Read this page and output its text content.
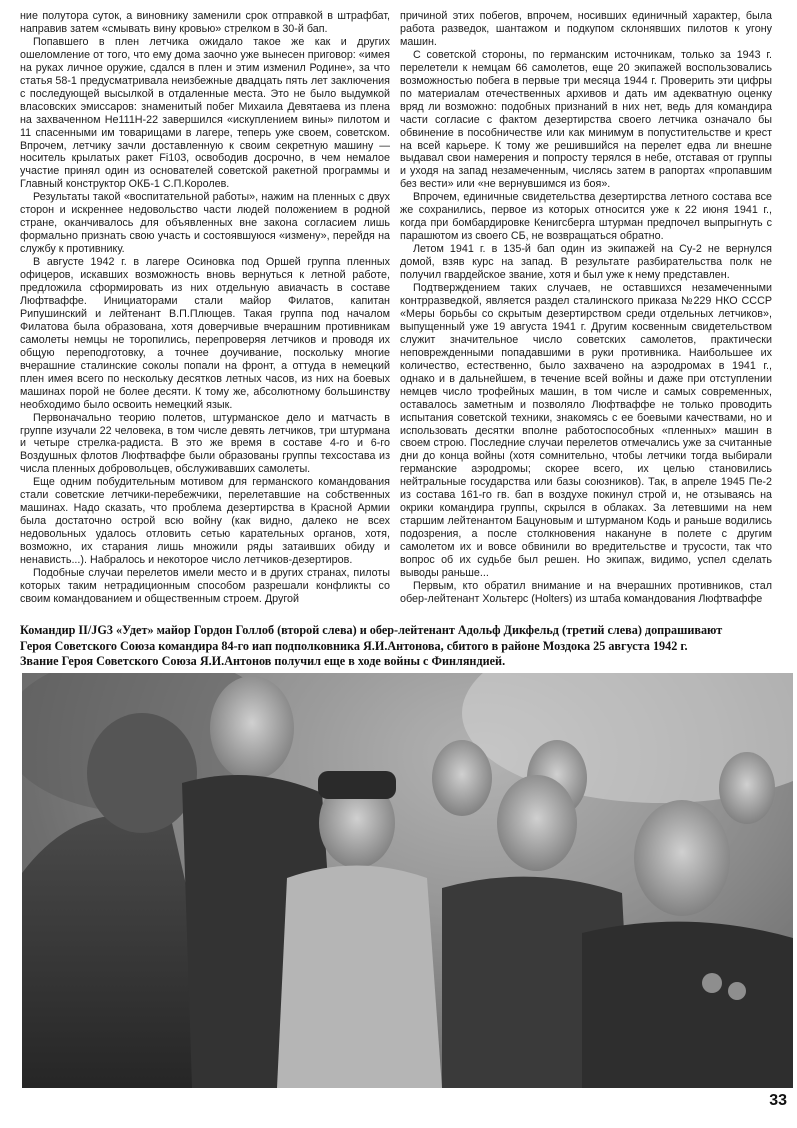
ние полутора суток, а виновнику заменили срок отправкой в штрафбат, направив затем «смывать вину кровью» стрелком в 30-й бап.

Попавшего в плен летчика ожидало такое же как и других ошеломление от того, что ему дома заочно уже вынесен приговор: «имея на руках личное оружие, сдался в плен и этим изменил Родине», за что статья 58-1 предусматривала неизбежные двадцать пять лет заключения с последующей высылкой в отдаленные места. Это не было выдумкой власовских эмиссаров: знаменитый побег Михаила Девятаева из плена на захваченном He111H-22 завершился «искуплением вины» пилотом и 11 спасенными им товарищами в лагере, теперь уже своем, советском. Впрочем, летчику зачли доставленную к своим секретную машину — носитель крылатых ракет Fi103, освободив досрочно, в чем немалое участие принял один из основателей советской ракетной программы и Главный конструктор ОКБ-1 С.П.Королев.

Результаты такой «воспитательной работы», нажим на пленных с двух сторон и искреннее недовольство части людей положением в родной стране, оканчивалось для объявленных вне закона согласием лишь формально признать свою участь и состоявшуюся «измену», перейдя на службу к противнику.

В августе 1942 г. в лагере Осиновка под Оршей группа пленных офицеров, искавших возможность вновь вернуться к летной работе, предложила сформировать из них отдельную авиачасть в составе Люфтваффе. Инициаторами стали майор Филатов, капитан Рипушинский и лейтенант В.П.Плющев. Такая группа под началом Филатова была образована, хотя доверчивые вчерашним противникам самолеты немцы не торопились, перепроверяя летчиков и проводя их общую переподготовку, а точнее доучивание, поскольку многие вчерашние сталинские соколы попали на фронт, а оттуда в немецкий плен имея всего по нескольку десятков летных часов, из них на боевых машинах порой не более десяти. К тому же, абсолютному большинству необходимо было освоить немецкий язык.

Первоначально теорию полетов, штурманское дело и матчасть в группе изучали 22 человека, в том числе девять летчиков, три штурмана и четыре стрелка-радиста. В это же время в составе 4-го и 6-го Воздушных флотов Люфтваффе были образованы группы техсостава из числа пленных добровольцев, обслуживавших самолеты.

Еще одним побудительным мотивом для германского командования стали советские летчики-перебежчики, перелетавшие на собственных машинах. Надо сказать, что проблема дезертирства в Красной Армии была достаточно острой всю войну (как видно, далеко не всех недовольных удалось отловить сетью карательных органов, хотя, возможно, их старания лишь множили ряды затаивших обиду и ненависть...). Набралось и некоторое число летчиков-дезертиров.

Подобные случаи перелетов имели место и в других странах, пилоты которых таким нетрадиционным способом разрешали конфликты со своим командованием и общественным строем. Другой

причиной этих побегов, впрочем, носивших единичный характер, была работа разведок, шантажом и подкупом склонявших пилотов к угону машин.

С советской стороны, по германским источникам, только за 1943 г. перелетели к немцам 66 самолетов, еще 20 экипажей воспользовались возможностью побега в первые три месяца 1944 г. Проверить эти цифры по материалам отечественных архивов и дать им адекватную оценку вряд ли возможно: подобных признаний в них нет, ведь для командира части согласие с фактом дезертирства своего летчика означало бы обвинение в пособничестве или как минимум в попустительстве и крест на всей карьере. К тому же решившийся на перелет едва ли внешне выдавал свои намерения и попросту терялся в небе, отставая от группы и уходя на запад незамеченным, числясь затем в рапортах «пропавшим без вести» или «не вернувшимся из боя».

Впрочем, единичные свидетельства дезертирства летного состава все же сохранились, первое из которых относится уже к 22 июня 1941 г., когда при бомбардировке Кенигсберга штурман предпочел выпрыгнуть с парашютом из своего СБ, не возвращаться обратно.

Летом 1941 г. в 135-й бап один из экипажей на Су-2 не вернулся домой, взяв курс на запад. В результате разбирательства полк не получил гвардейское звание, хотя и был уже к нему представлен.

Подтверждением таких случаев, не оставшихся незамеченными контрразведкой, является раздел сталинского приказа №229 НКО СССР «Меры борьбы со скрытым дезертирством среди отдельных летчиков», выпущенный уже 19 августа 1941 г. Другим косвенным свидетельством служит значительное число советских самолетов, практически неповрежденными попадавшими в руки противника. Наибольшее их количество, естественно, было захвачено на аэродромах в 1941 г., однако и в дальнейшем, в течение всей войны и даже при отступлении немцев число трофейных машин, в том числе и самых современных, оставалось заметным и позволяло Люфтваффе не только проводить испытания советской техники, знакомясь с ее боевыми качествами, но и использовать десятки вполне работоспособных «пленных» машин в своем строю. Последние случаи перелетов отмечались уже за считанные дни до конца войны (хотя сомнительно, чтобы летчики тогда выбирали германские аэродромы; скорее всего, их целью становились нейтральные государства или базы союзников). Так, в апреле 1945 Пе-2 из состава 161-го гв. бап в воздухе покинул строй и, не отзываясь на окрики командира группы, скрылся в облаках. За летевшими на нем старшим лейтенантом Бацуновым и штурманом Кодь и раньше водились подозрения, а после столкновения накануне в полете с другим самолетом их и вовсе обвинили во вредительстве и трусости, так что вопрос об их судьбе был решен. Но экипаж, видимо, успел сделать выводы раньше...

Первым, кто обратил внимание и на вчерашних противников, стал обер-лейтенант Хольтерс (Holters) из штаба командования Люфтваффе

Командир II/JG3 «Удет» майор Гордон Голлоб (второй слева) и обер-лейтенант Адольф Дикфельд (третий слева) допрашивают
Героя Советского Союза командира 84-го иап подполковника Я.И.Антонова, сбитого в районе Моздока 25 августа 1942 г.
Звание Героя Советского Союза Я.И.Антонов получил еще в ходе войны с Финляндией.
33
